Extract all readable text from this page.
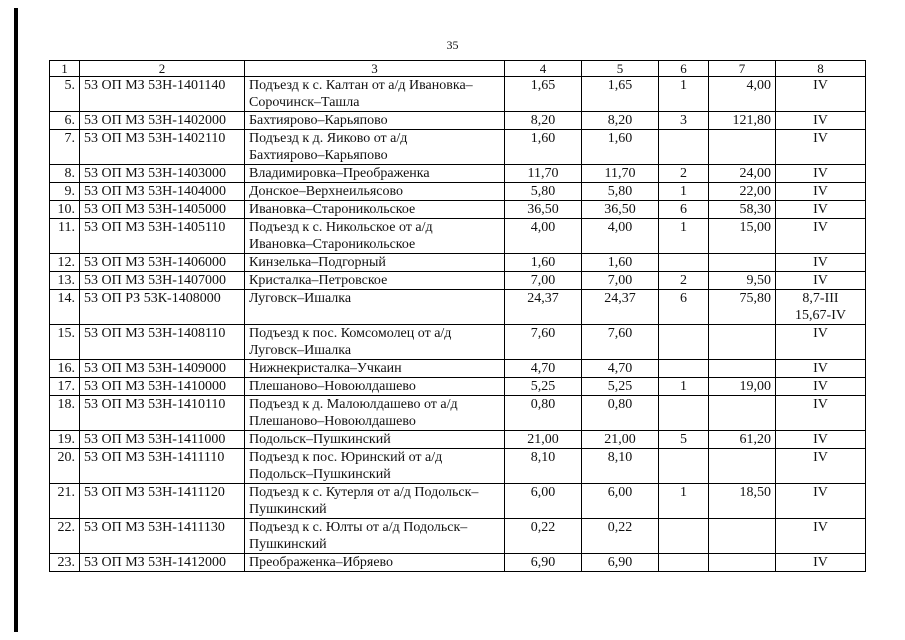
35
1	2	3	4	5	6	7	8
5.	53 ОП МЗ 53Н-1401140	Подъезд к с. Калтан от а/д Ивановка–
Сорочинск–Ташла	1,65	1,65	1	4,00	IV
6.	53 ОП МЗ 53Н-1402000	Бахтиярово–Карьяпово	8,20	8,20	3	121,80	IV
7.	53 ОП МЗ 53Н-1402110	Подъезд к д. Яиково от а/д
Бахтиярово–Карьяпово	1,60	1,60			IV
8.	53 ОП МЗ 53Н-1403000	Владимировка–Преображенка	11,70	11,70	2	24,00	IV
9.	53 ОП МЗ 53Н-1404000	Донское–Верхнеильясово	5,80	5,80	1	22,00	IV
10.	53 ОП МЗ 53Н-1405000	Ивановка–Староникольское	36,50	36,50	6	58,30	IV
11.	53 ОП МЗ 53Н-1405110	Подъезд к с. Никольское от а/д
Ивановка–Староникольское	4,00	4,00	1	15,00	IV
12.	53 ОП МЗ 53Н-1406000	Кинзелька–Подгорный	1,60	1,60			IV
13.	53 ОП МЗ 53Н-1407000	Кристалка–Петровское	7,00	7,00	2	9,50	IV
14.	53 ОП РЗ 53К-1408000	Луговск–Ишалка	24,37	24,37	6	75,80	8,7-III
15,67-IV
15.	53 ОП МЗ 53Н-1408110	Подъезд к пос. Комсомолец от а/д
Луговск–Ишалка	7,60	7,60			IV
16.	53 ОП МЗ 53Н-1409000	Нижнекристалка–Учкаин	4,70	4,70			IV
17.	53 ОП МЗ 53Н-1410000	Плешаново–Новоюлдашево	5,25	5,25	1	19,00	IV
18.	53 ОП МЗ 53Н-1410110	Подъезд к д. Малоюлдашево от а/д
Плешаново–Новоюлдашево	0,80	0,80			IV
19.	53 ОП МЗ 53Н-1411000	Подольск–Пушкинский	21,00	21,00	5	61,20	IV
20.	53 ОП МЗ 53Н-1411110	Подъезд к пос. Юринский от а/д
Подольск–Пушкинский	8,10	8,10			IV
21.	53 ОП МЗ 53Н-1411120	Подъезд к с. Кутерля от а/д Подольск–
Пушкинский	6,00	6,00	1	18,50	IV
22.	53 ОП МЗ 53Н-1411130	Подъезд к с. Юлты от а/д Подольск–
Пушкинский	0,22	0,22			IV
23.	53 ОП МЗ 53Н-1412000	Преображенка–Ибряево	6,90	6,90			IV
